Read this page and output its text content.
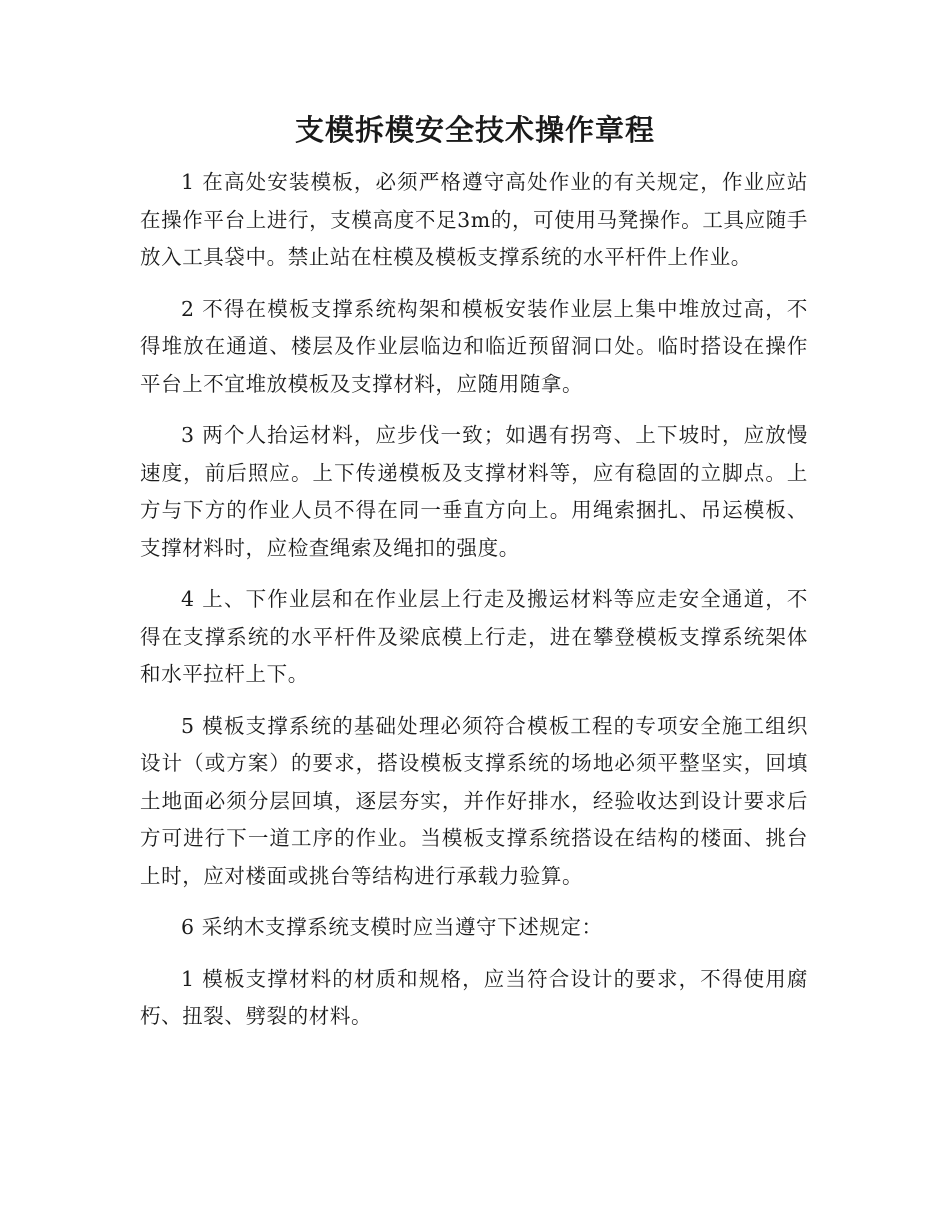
支模拆模安全技术操作章程

1 在高处安装模板，必须严格遵守高处作业的有关规定，作业应站在操作平台上进行，支模高度不足3m的，可使用马凳操作。工具应随手放入工具袋中。禁止站在柱模及模板支撑系统的水平杆件上作业。

2 不得在模板支撑系统构架和模板安装作业层上集中堆放过高，不得堆放在通道、楼层及作业层临边和临近预留洞口处。临时搭设在操作平台上不宜堆放模板及支撑材料，应随用随拿。

3 两个人抬运材料，应步伐一致；如遇有拐弯、上下坡时，应放慢速度，前后照应。上下传递模板及支撑材料等，应有稳固的立脚点。上方与下方的作业人员不得在同一垂直方向上。用绳索捆扎、吊运模板、支撑材料时，应检查绳索及绳扣的强度。

4 上、下作业层和在作业层上行走及搬运材料等应走安全通道，不得在支撑系统的水平杆件及梁底模上行走，进在攀登模板支撑系统架体和水平拉杆上下。

5 模板支撑系统的基础处理必须符合模板工程的专项安全施工组织设计（或方案）的要求，搭设模板支撑系统的场地必须平整坚实，回填土地面必须分层回填，逐层夯实，并作好排水，经验收达到设计要求后方可进行下一道工序的作业。当模板支撑系统搭设在结构的楼面、挑台上时，应对楼面或挑台等结构进行承载力验算。

6 采纳木支撑系统支模时应当遵守下述规定：

1 模板支撑材料的材质和规格，应当符合设计的要求，不得使用腐朽、扭裂、劈裂的材料。
